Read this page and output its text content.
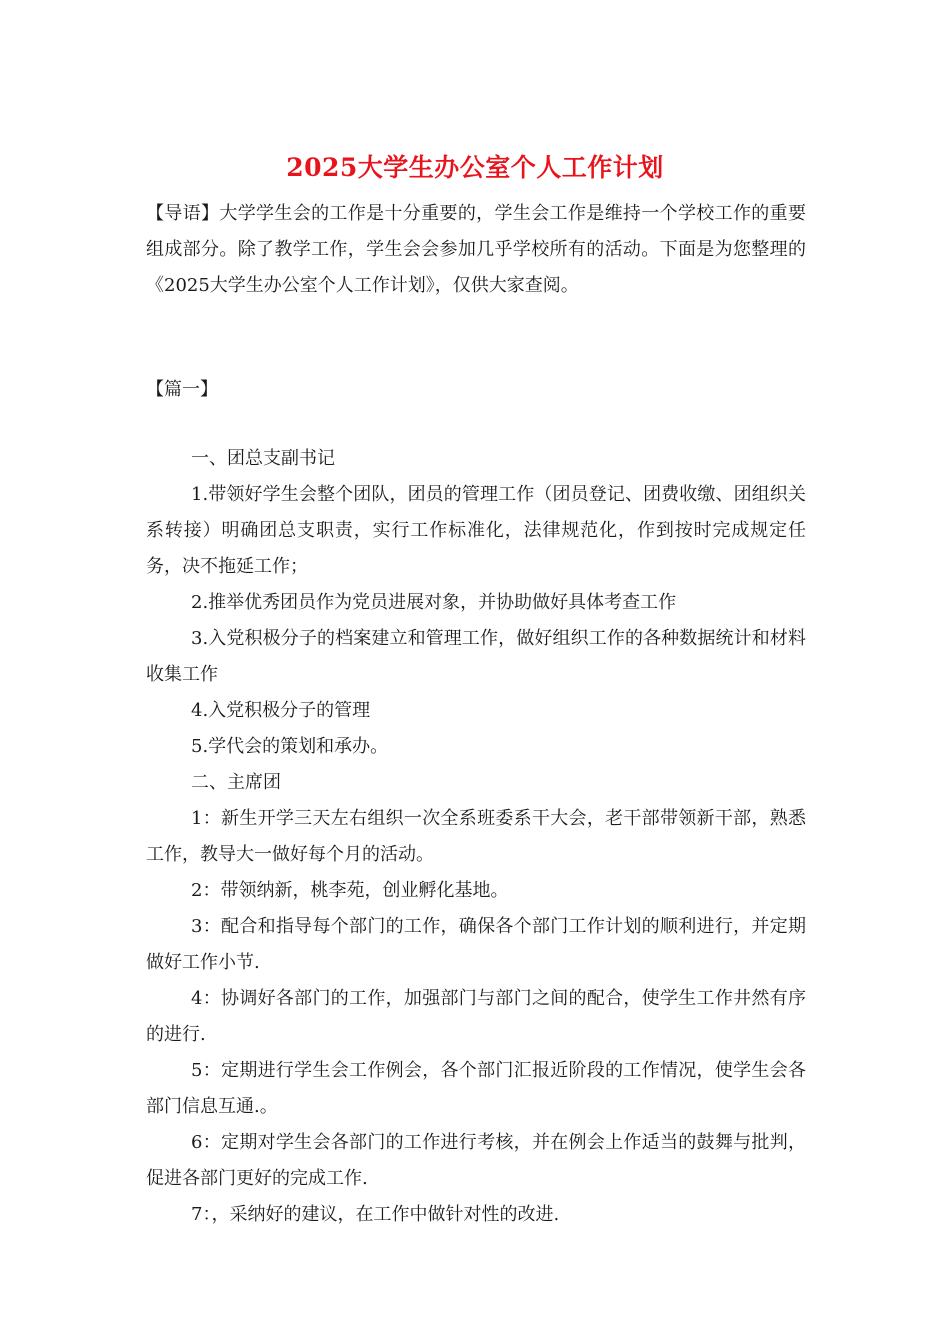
2025大学生办公室个人工作计划
【导语】大学学生会的工作是十分重要的，学生会工作是维持一个学校工作的重要组成部分。除了教学工作，学生会会参加几乎学校所有的活动。下面是为您整理的《2025大学生办公室个人工作计划》，仅供大家查阅。
【篇一】

一、团总支副书记

1.带领好学生会整个团队，团员的管理工作（团员登记、团费收缴、团组织关系转接）明确团总支职责，实行工作标准化，法律规范化，作到按时完成规定任务，决不拖延工作；

2.推举优秀团员作为党员进展对象，并协助做好具体考查工作

3.入党积极分子的档案建立和管理工作，做好组织工作的各种数据统计和材料收集工作

4.入党积极分子的管理

5.学代会的策划和承办。

二、主席团

1：新生开学三天左右组织一次全系班委系干大会，老干部带领新干部，熟悉工作，教导大一做好每个月的活动。

2：带领纳新，桃李苑，创业孵化基地。

3：配合和指导每个部门的工作，确保各个部门工作计划的顺利进行，并定期做好工作小节.

4：协调好各部门的工作，加强部门与部门之间的配合，使学生工作井然有序的进行.

5：定期进行学生会工作例会，各个部门汇报近阶段的工作情况，使学生会各部门信息互通.。

6：定期对学生会各部门的工作进行考核，并在例会上作适当的鼓舞与批判，促进各部门更好的完成工作.

7：，采纳好的建议，在工作中做针对性的改进.
